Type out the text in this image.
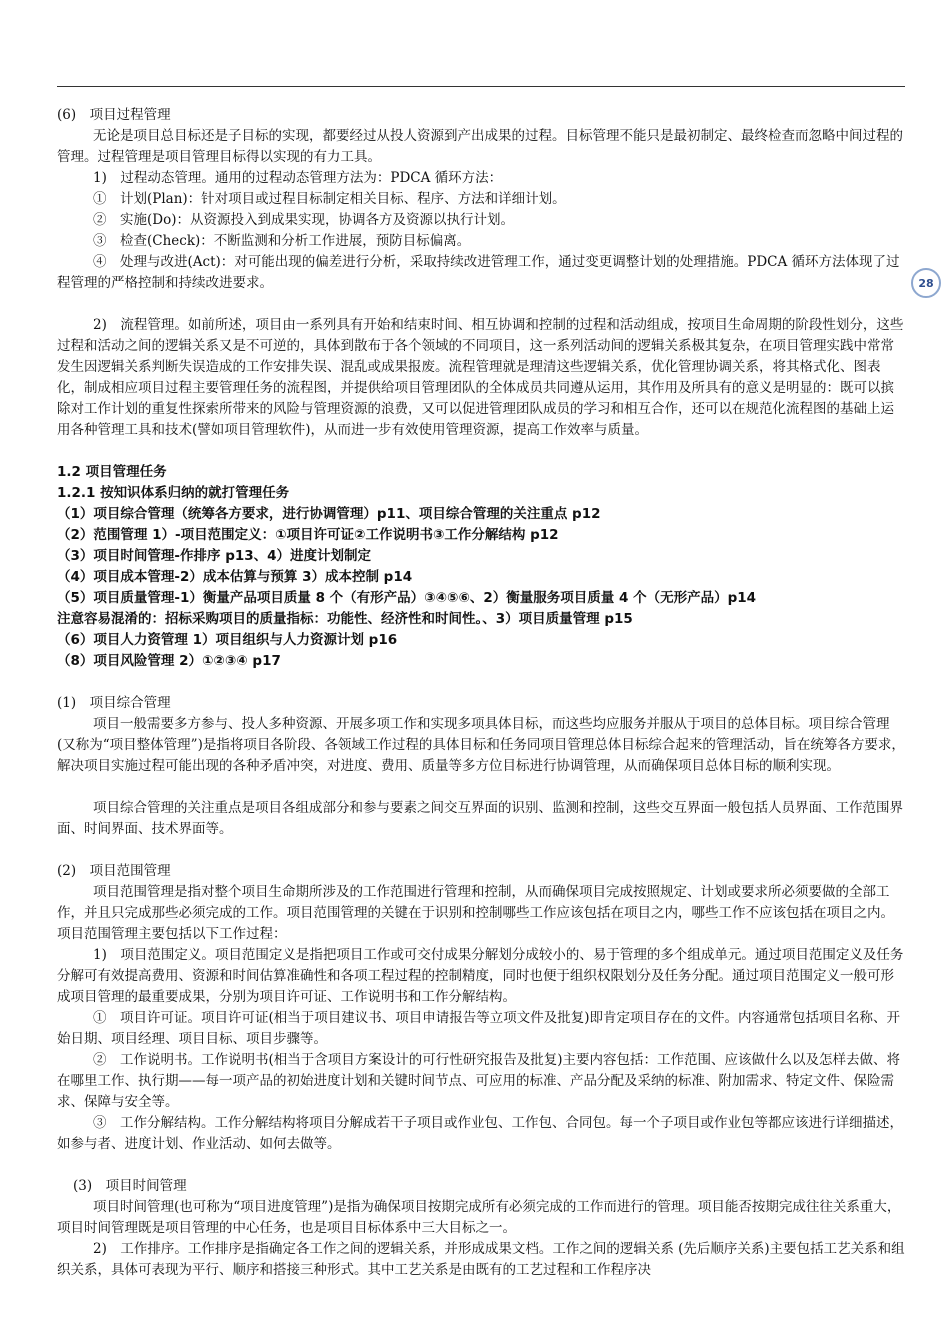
28

(6)　项目过程管理

无论是项目总目标还是子目标的实现，都要经过从投人资源到产出成果的过程。目标管理不能只是最初制定、最终检查而忽略中间过程的管理。过程管理是项目管理目标得以实现的有力工具。

1)　过程动态管理。通用的过程动态管理方法为：PDCA 循环方法：

①　计划(Plan)：针对项目或过程目标制定相关目标、程序、方法和详细计划。

②　实施(Do)：从资源投入到成果实现，协调各方及资源以执行计划。

③　检查(Check)：不断监测和分析工作进展，预防目标偏离。

④　处理与改进(Act)：对可能出现的偏差进行分析，采取持续改进管理工作，通过变更调整计划的处理措施。PDCA 循环方法体现了过程管理的严格控制和持续改进要求。

2)　流程管理。如前所述，项目由一系列具有开始和结束时间、相互协调和控制的过程和活动组成，按项目生命周期的阶段性划分，这些过程和活动之间的逻辑关系又是不可逆的，具体到散布于各个领域的不同项目，这一系列活动间的逻辑关系极其复杂，在项目管理实践中常常发生因逻辑关系判断失误造成的工作安排失误、混乱或成果报废。流程管理就是理清这些逻辑关系，优化管理协调关系，将其格式化、图表化，制成相应项目过程主要管理任务的流程图，并提供给项目管理团队的全体成员共同遵从运用，其作用及所具有的意义是明显的：既可以摈除对工作计划的重复性探索所带来的风险与管理资源的浪费，又可以促进管理团队成员的学习和相互合作，还可以在规范化流程图的基础上运用各种管理工具和技术(譬如项目管理软件)，从而进一步有效使用管理资源，提高工作效率与质量。

1.2 项目管理任务

1.2.1 按知识体系归纳的就打管理任务

（1）项目综合管理（统筹各方要求，进行协调管理）p11、项目综合管理的关注重点 p12

（2）范围管理 1）-项目范围定义：①项目许可证②工作说明书③工作分解结构 p12

（3）项目时间管理-作排序 p13、4）进度计划制定

（4）项目成本管理-2）成本估算与预算 3）成本控制 p14

（5）项目质量管理-1）衡量产品项目质量 8 个（有形产品）③④⑤⑥、2）衡量服务项目质量 4 个（无形产品）p14

注意容易混淆的：招标采购项目的质量指标：功能性、经济性和时间性。、3）项目质量管理 p15

（6）项目人力资管理 1）项目组织与人力资源计划 p16

（8）项目风险管理 2）①②③④ p17

(1)　项目综合管理

项目一般需要多方参与、投人多种资源、开展多项工作和实现多项具体目标，而这些均应服务并服从于项目的总体目标。项目综合管理(又称为“项目整体管理”)是指将项目各阶段、各领域工作过程的具体目标和任务同项目管理总体目标综合起来的管理活动，旨在统筹各方要求，解决项目实施过程可能出现的各种矛盾冲突，对进度、费用、质量等多方位目标进行协调管理，从而确保项目总体目标的顺利实现。

项目综合管理的关注重点是项目各组成部分和参与要素之间交互界面的识别、监测和控制，这些交互界面一般包括人员界面、工作范围界面、时间界面、技术界面等。

(2)　项目范围管理

项目范围管理是指对整个项目生命期所涉及的工作范围进行管理和控制，从而确保项目完成按照规定、计划或要求所必须要做的全部工作，并且只完成那些必须完成的工作。项目范围管理的关键在于识别和控制哪些工作应该包括在项目之内，哪些工作不应该包括在项目之内。项目范围管理主要包括以下工作过程：

1)　项目范围定义。项目范围定义是指把项目工作或可交付成果分解划分成较小的、易于管理的多个组成单元。通过项目范围定义及任务分解可有效提高费用、资源和时间估算准确性和各项工程过程的控制精度，同时也便于组织权限划分及任务分配。通过项目范围定义一般可形成项目管理的最重要成果，分别为项目许可证、工作说明书和工作分解结构。

①　项目许可证。项目许可证(相当于项目建议书、项目申请报告等立项文件及批复)即肯定项目存在的文件。内容通常包括项目名称、开始日期、项目经理、项目目标、项目步骤等。

②　工作说明书。工作说明书(相当于含项目方案设计的可行性研究报告及批复)主要内容包括：工作范围、应该做什么以及怎样去做、将在哪里工作、执行期——每一项产品的初始进度计划和关键时间节点、可应用的标准、产品分配及采纳的标准、附加需求、特定文件、保险需求、保障与安全等。

③　工作分解结构。工作分解结构将项目分解成若干子项目或作业包、工作包、合同包。每一个子项目或作业包等都应该进行详细描述，如参与者、进度计划、作业活动、如何去做等。

(3)　项目时间管理

项目时间管理(也可称为“项目进度管理”)是指为确保项目按期完成所有必须完成的工作而进行的管理。项目能否按期完成往往关系重大，项目时间管理既是项目管理的中心任务，也是项目目标体系中三大目标之一。

2)　工作排序。工作排序是指确定各工作之间的逻辑关系，并形成成果文档。工作之间的逻辑关系 (先后顺序关系)主要包括工艺关系和组织关系，具体可表现为平行、顺序和搭接三种形式。其中工艺关系是由既有的工艺过程和工作程序决
